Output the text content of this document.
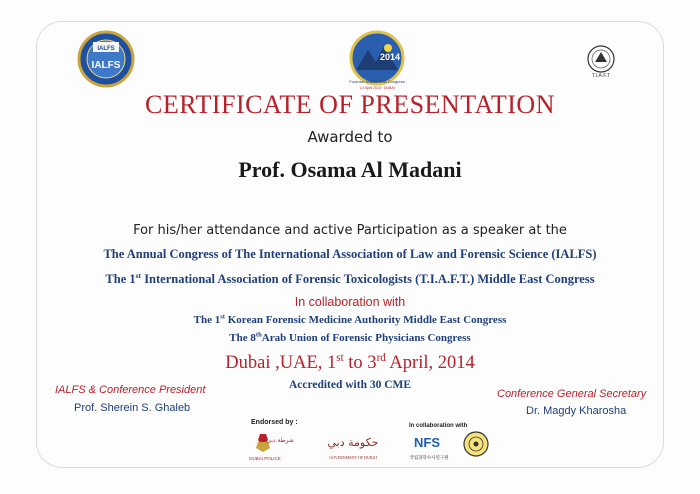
IALFS
IALFS
2014
Forensic Middle East Congress
1-3 April 2014 · DUBAI
T.I.A.F.T
CERTIFICATE OF PRESENTATION
Awarded to
Prof. Osama Al Madani
For his/her attendance and active Participation as a speaker at the
The Annual Congress of The International Association of Law and Forensic Science (IALFS)
The 1st International Association of Forensic Toxicologists (T.I.A.F.T.) Middle East Congress
In collaboration with
The 1st Korean Forensic Medicine Authority Middle East Congress
The 8thArab Union of Forensic Physicians Congress
Dubai ,UAE, 1st to 3rd April, 2014
Accredited with 30 CME
IALFS & Conference President
Prof. Sherein S. Ghaleb
Conference General Secretary
Dr. Magdy Kharosha
Endorsed by :	In collaboration with
شرطة دبي
DUBAI POLICE
حكومة دبي
GOVERNMENT OF DUBAI
NFS
국립과학수사연구원
